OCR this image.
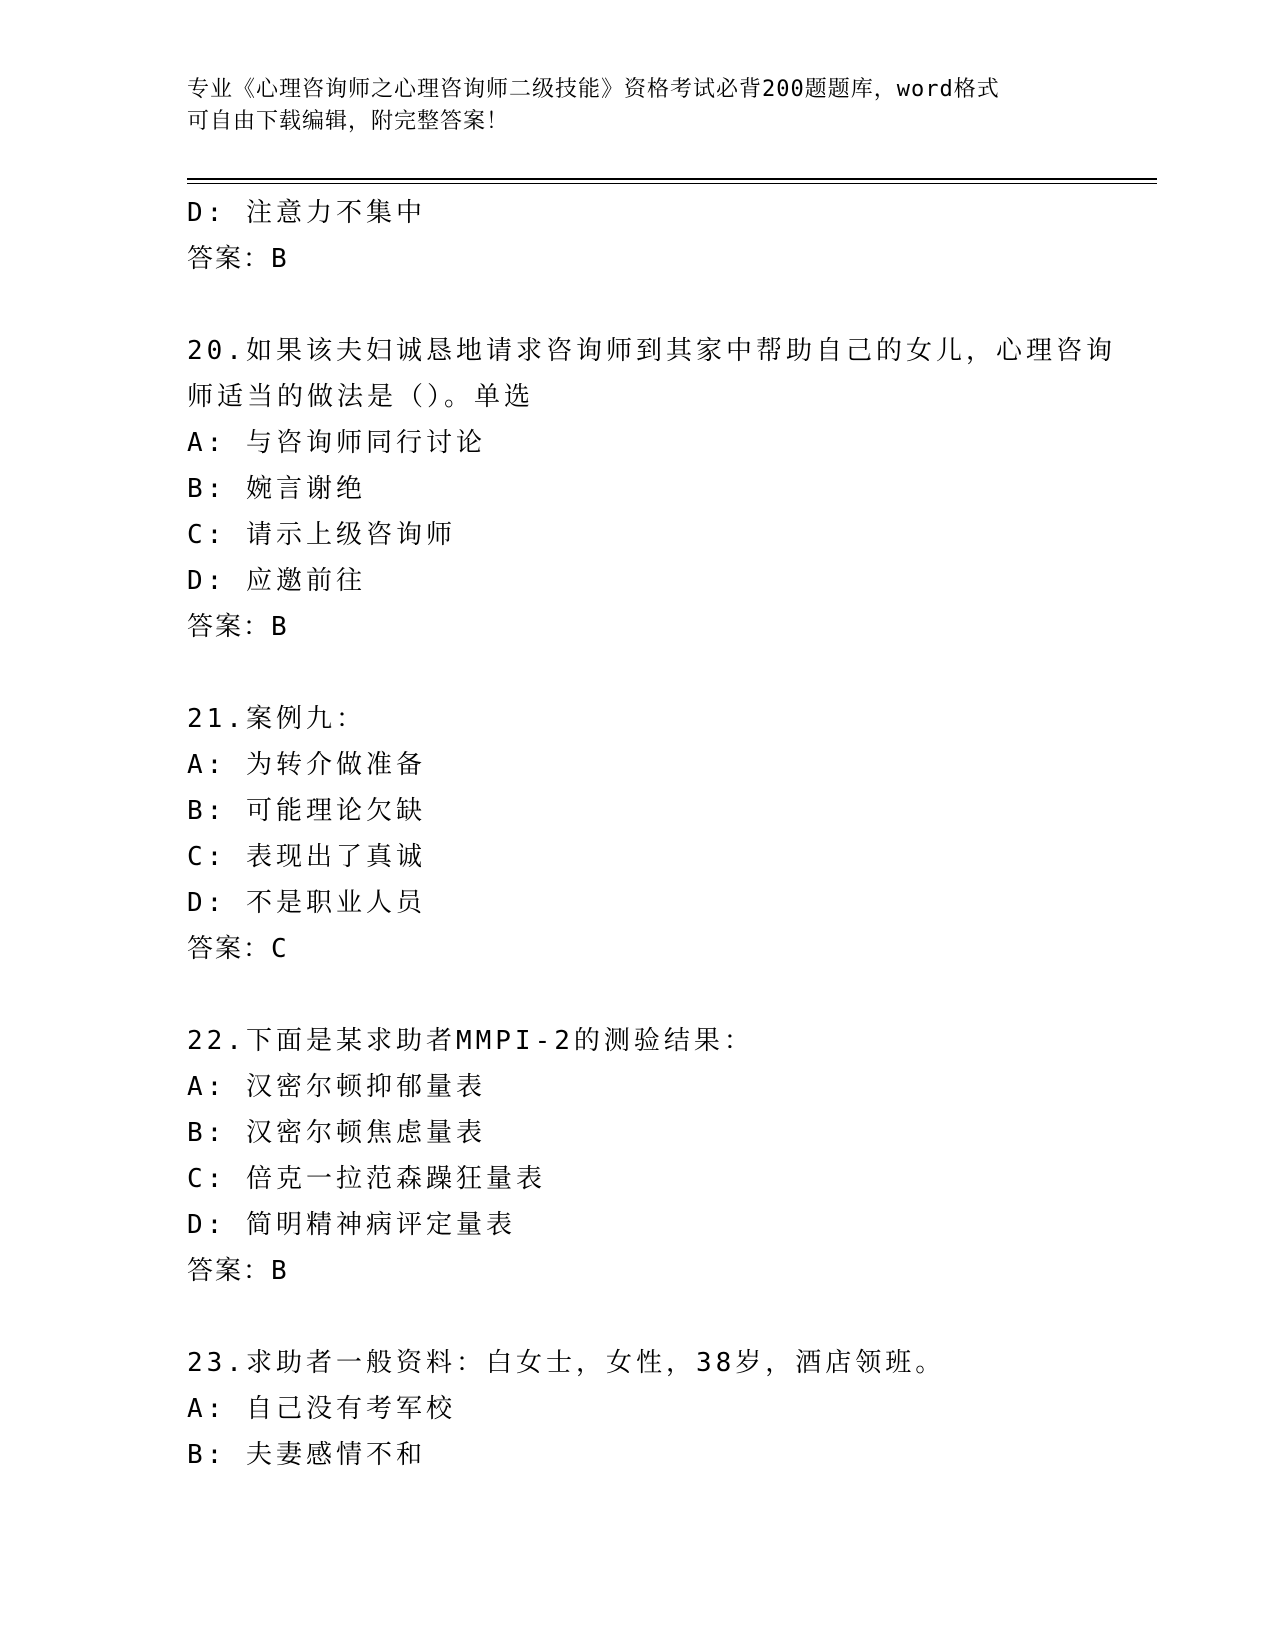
专业《心理咨询师之心理咨询师二级技能》资格考试必背200题题库，word格式
可自由下载编辑，附完整答案！
D: 注意力不集中
答案：B
20.如果该夫妇诚恳地请求咨询师到其家中帮助自己的女儿，心理咨询
师适当的做法是（）。单选
A: 与咨询师同行讨论
B: 婉言谢绝
C: 请示上级咨询师
D: 应邀前往
答案：B
21.案例九：
A: 为转介做准备
B: 可能理论欠缺
C: 表现出了真诚
D: 不是职业人员
答案：C
22.下面是某求助者MMPI-2的测验结果：
A: 汉密尔顿抑郁量表
B: 汉密尔顿焦虑量表
C: 倍克一拉范森躁狂量表
D: 简明精神病评定量表
答案：B
23.求助者一般资料：白女士，女性，38岁，酒店领班。
A: 自己没有考军校
B: 夫妻感情不和
